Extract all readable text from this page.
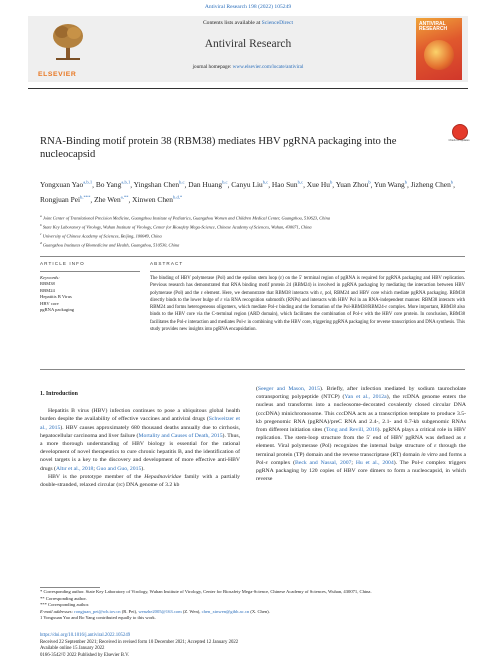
Antiviral Research 198 (2022) 105249
ELSEVIER
Contents lists available at ScienceDirect
Antiviral Research
journal homepage: www.elsevier.com/locate/antiviral
ANTIVIRAL RESEARCH
RNA-Binding motif protein 38 (RBM38) mediates HBV pgRNA packaging into the nucleocapsid
Check for updates
Yongxuan Yao$^{a,b,1}$, Bo Yang$^{a,b,1}$, Yingshan Chen$^{b,c}$, Dan Huang$^{b,c}$, Canyu Liu$^{b,c}$, Hao Sun$^{b,c}$, Xue Hu$^b$, Yuan Zhou$^b$, Yun Wang$^b$, Jizheng Chen$^b$, Rongjuan Pei$^{b,***}$, Zhe Wen$^{a,**}$, Xinwen Chen$^{b,d,*}$
$^a$ Joint Center of Translational Precision Medicine, Guangzhou Institute of Pediatrics, Guangzhou Women and Children Medical Center, Guangzhou, 510623, China
$^b$ State Key Laboratory of Virology, Wuhan Institute of Virology, Center for Biosafety Mega-Science, Chinese Academy of Sciences, Wuhan, 430071, China
$^c$ University of Chinese Academy of Sciences, Beijing, 100049, China
$^d$ Guangzhou Institutes of Biomedicine and Health, Guangzhou, 510530, China
ARTICLE INFO	ABSTRACT
Keywords:
RBM38
RBM24
Hepatitis B Virus
HBV core
pgRNA packaging
The binding of HBV polymerase (Pol) and the epsilon stem loop (ε) on the 5′ terminal region of pgRNA is required for pgRNA packaging and HBV replication. Previous research has demonstrated that RNA binding motif protein 24 (RBM24) is involved in pgRNA packaging by mediating the interaction between HBV polymerase (Pol) and the ε element. Here, we demonstrate that RBM38 interacts with ε, pol, RBM24 and HBV core which mediate pgRNA packaging. RBM38 directly binds to the lower bulge of ε via RNA recognition submotifs (RNPs) and interacts with HBV Pol in an RNA-independent manner. RBM38 interacts with RBM24 and forms heterogeneous oligomers, which mediate Pol-ε binding and the formation of the Pol-RBM38/RBM24-ε complex. More important, RBM38 also binds to the HBV core via the C-terminal region (ARD domain), which facilitates the combination of Pol-ε with the HBV core protein. In conclusion, RBM38 facilitates the Pol-ε interaction and mediates Pol-ε in combining with the HBV core, triggering pgRNA packaging for reverse transcription and DNA synthesis. This study provides new insights into pgRNA encapsidation.
1. Introduction

Hepatitis B virus (HBV) infection continues to pose a ubiquitous global health burden despite the availability of effective vaccines and antiviral drugs (Schweitzer et al., 2015). HBV causes approximately 680 thousand deaths annually due to cirrhosis, hepatocellular carcinoma and liver failure (Mortality and Causes of Death, 2015). Thus, a more thorough understanding of HBV biology is essential for the rational development of novel therapeutics to cure chronic hepatitis B, and the identification of novel targets is a key to the discovery and development of more effective anti-HBV drugs (Altır et al., 2018; Guo and Guo, 2015).

HBV is the prototype member of the Hepadnaviridae family with a partially double-stranded, relaxed circular (rc) DNA genome of 3.2 kb

(Seeger and Mason, 2015). Briefly, after infection mediated by sodium taurocholate cotransporting polypeptide (NTCP) (Yan et al., 2012a), the rcDNA genome enters the nucleus and transforms into a nucleosome-decorated covalently closed circular DNA (cccDNA) minichromosome. This cccDNA acts as a transcription template to produce 3.5-kb pregenomic RNA (pgRNA)/preC RNA and 2.4-, 2.1- and 0.7-kb subgenomic RNAs from different initiation sites (Tong and Revill, 2016). pgRNA plays a critical role in HBV replication. The stem-loop structure from the 5′ end of HBV pgRNA was defined as ε element. Viral polymerase (Pol) recognizes the internal bulge structure of ε through the terminal protein (TP) domain and the reverse transcriptase (RT) domain in vitro and forms a Pol-ε complex (Beck and Nassal, 2007; Hu et al., 2004). The Pol-ε complex triggers pgRNA packaging by 120 copies of HBV core dimers to form a nucleocapsid, in which reverse

* Corresponding author. State Key Laboratory of Virology, Wuhan Institute of Virology, Center for Biosafety Mega-Science, Chinese Academy of Sciences, Wuhan, 430071, China.
** Corresponding author.
*** Corresponding author.
E-mail addresses: rongjuan_pei@wh.iov.cn (R. Pei), wenzhe2005@163.com (Z. Wen), chen_xinwen@gibh.ac.cn (X. Chen).
1 Yongxuan Yao and Bo Yang contributed equally to this work.
https://doi.org/10.1016/j.antiviral.2022.105249
Received 22 September 2021; Received in revised form 10 December 2021; Accepted 12 January 2022
Available online 15 January 2022
0166-3542/© 2022 Published by Elsevier B.V.
